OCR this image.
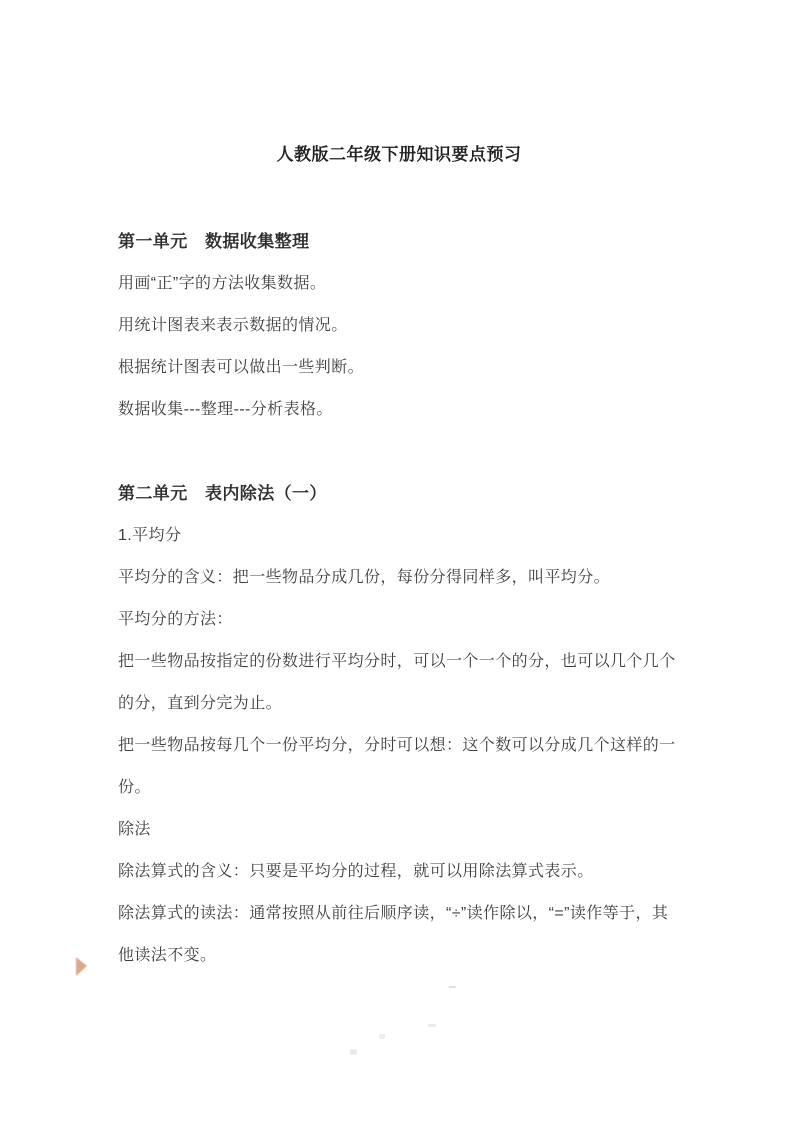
人教版二年级下册知识要点预习
第一单元　数据收集整理

用画“正”字的方法收集数据。

用统计图表来表示数据的情况。

根据统计图表可以做出一些判断。

数据收集---整理---分析表格。

第二单元　表内除法（一）

1.平均分

平均分的含义：把一些物品分成几份，每份分得同样多，叫平均分。

平均分的方法：

把一些物品按指定的份数进行平均分时，可以一个一个的分，也可以几个几个的分，直到分完为止。

把一些物品按每几个一份平均分，分时可以想：这个数可以分成几个这样的一份。

除法

除法算式的含义：只要是平均分的过程，就可以用除法算式表示。

除法算式的读法：通常按照从前往后顺序读，“÷”读作除以，“=”读作等于，其他读法不变。
